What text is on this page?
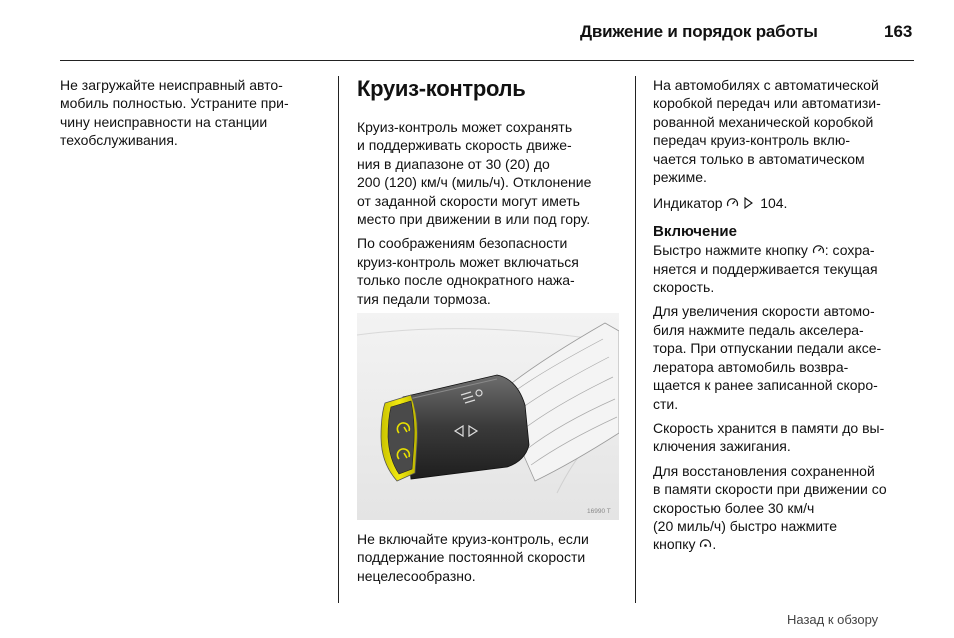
Движение и порядок работы	163

Не загружайте неисправный авто-
мобиль полностью. Устраните при-
чину неисправности на станции
техобслуживания.

Круиз-контроль

Круиз-контроль может сохранять
и поддерживать скорость движе-
ния в диапазоне от 30 (20) до
200 (120) км/ч (миль/ч). Отклонение
от заданной скорости могут иметь
место при движении в или под гору.

По соображениям безопасности
круиз-контроль может включаться
только после однократного нажа-
тия педали тормоза.

16990 T

Не включайте круиз-контроль, если
поддержание постоянной скорости
нецелесообразно.

На автомобилях с автоматической
коробкой передач или автоматизи-
рованной механической коробкой
передач круиз-контроль вклю-
чается только в автоматическом
режиме.

Индикатор   104.

Включение

Быстро нажмите кнопку : сохра-
няется и поддерживается текущая
скорость.

Для увеличения скорости автомо-
биля нажмите педаль акселера-
тора. При отпускании педали аксе-
лератора автомобиль возвра-
щается к ранее записанной скоро-
сти.

Скорость хранится в памяти до вы-
ключения зажигания.

Для восстановления сохраненной
в памяти скорости при движении со
скоростью более 30 км/ч
(20 миль/ч) быстро нажмите
кнопку .

Назад к обзору
